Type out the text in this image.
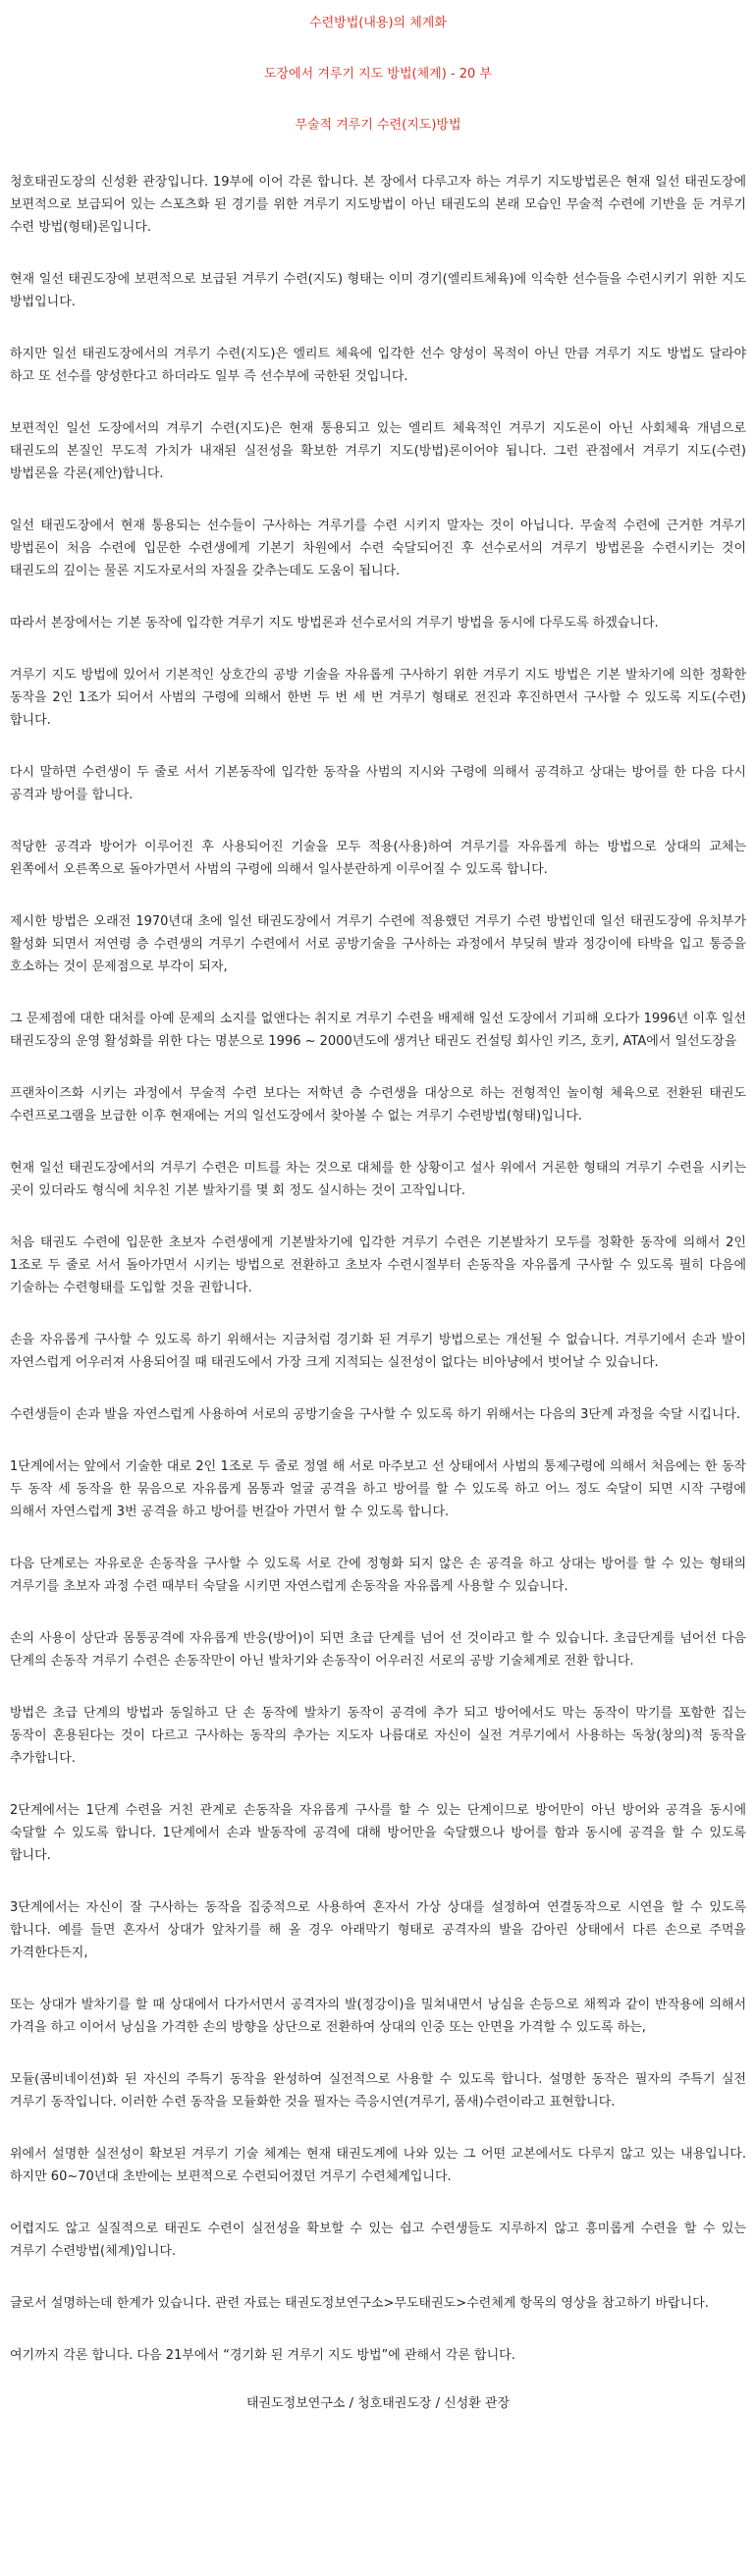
수련방법(내용)의 체계화
도장에서 겨루기 지도 방법(체계) - 20 부
무술적 겨루기 수련(지도)방법

청호태권도장의 신성환 관장입니다. 19부에 이어 각론 합니다. 본 장에서 다루고자 하는 겨루기 지도방법론은 현재 일선 태권도장에 보편적으로 보급되어 있는 스포츠화 된 경기를 위한 겨루기 지도방법이 아닌 태권도의 본래 모습인 무술적 수련에 기반을 둔 겨루기 수련 방법(형태)론입니다.

현재 일선 태권도장에 보편적으로 보급된 겨루기 수련(지도) 형태는 이미 경기(엘리트체육)에 익숙한 선수들을 수련시키기 위한 지도 방법입니다.

하지만 일선 태권도장에서의 겨루기 수련(지도)은 엘리트 체육에 입각한 선수 양성이 목적이 아닌 만큼 겨루기 지도 방법도 달라야 하고 또 선수를 양성한다고 하더라도 일부 즉 선수부에 국한된 것입니다.

보편적인 일선 도장에서의 겨루기 수련(지도)은 현재 통용되고 있는 엘리트 체육적인 겨루기 지도론이 아닌 사회체육 개념으로 태권도의 본질인 무도적 가치가 내재된 실전성을 확보한 겨루기 지도(방법)론이어야 됩니다. 그런 관점에서 겨루기 지도(수련)방법론을 각론(제안)합니다.

일선 태권도장에서 현재 통용되는 선수들이 구사하는 겨루기를 수련 시키지 말자는 것이 아닙니다. 무술적 수련에 근거한 겨루기 방법론이 처음 수련에 입문한 수련생에게 기본기 차원에서 수련 숙달되어진 후 선수로서의 겨루기 방법론을 수련시키는 것이 태권도의 깊이는 물론 지도자로서의 자질을 갖추는데도 도움이 됩니다.

따라서 본장에서는 기본 동작에 입각한 겨루기 지도 방법론과 선수로서의 겨루기 방법을 동시에 다루도록 하겠습니다.

겨루기 지도 방법에 있어서 기본적인 상호간의 공방 기술을 자유롭게 구사하기 위한 겨루기 지도 방법은 기본 발차기에 의한 정확한 동작을 2인 1조가 되어서 사범의 구령에 의해서 한번 두 번 세 번 겨루기 형태로 전진과 후진하면서 구사할 수 있도록 지도(수련) 합니다.

다시 말하면 수련생이 두 줄로 서서 기본동작에 입각한 동작을 사범의 지시와 구령에 의해서 공격하고 상대는 방어를 한 다음 다시 공격과 방어를 합니다.

적당한 공격과 방어가 이루어진 후 사용되어진 기술을 모두 적용(사용)하여 겨루기를 자유롭게 하는 방법으로 상대의 교체는 왼쪽에서 오른쪽으로 돌아가면서 사범의 구령에 의해서 일사분란하게 이루어질 수 있도록 합니다.

제시한 방법은 오래전 1970년대 초에 일선 태권도장에서 겨루기 수련에 적용했던 겨루기 수련 방법인데 일선 태권도장에 유치부가 활성화 되면서 저연령 층 수련생의 겨루기 수련에서 서로 공방기술을 구사하는 과정에서 부딪혀 발과 정강이에 타박을 입고 통증을 호소하는 것이 문제점으로 부각이 되자,

그 문제점에 대한 대처를 아예 문제의 소지를 없앤다는 취지로 겨루기 수련을 배제해 일선 도장에서 기피해 오다가 1996년 이후 일선 태권도장의 운영 활성화를 위한 다는 명분으로 1996 ~ 2000년도에 생겨난 태권도 컨설팅 회사인 키즈, 호키, ATA에서 일선도장을

프랜차이즈화 시키는 과정에서 무술적 수련 보다는 저학년 층 수련생을 대상으로 하는 전형적인 놀이형 체육으로 전환된 태권도 수련프로그램을 보급한 이후 현재에는 거의 일선도장에서 찾아볼 수 없는 겨루기 수련방법(형태)입니다.

현재 일선 태권도장에서의 겨루기 수련은 미트를 차는 것으로 대체를 한 상황이고 설사 위에서 거론한 형태의 겨루기 수련을 시키는 곳이 있더라도 형식에 치우친 기본 발차기를 몇 회 정도 실시하는 것이 고작입니다.

처음 태권도 수련에 입문한 초보자 수련생에게 기본발차기에 입각한 겨루기 수련은 기본발차기 모두를 정확한 동작에 의해서 2인 1조로 두 줄로 서서 돌아가면서 시키는 방법으로 전환하고 초보자 수련시절부터 손동작을 자유롭게 구사할 수 있도록 필히 다음에 기술하는 수련형태를 도입할 것을 권합니다.

손을 자유롭게 구사할 수 있도록 하기 위해서는 지금처럼 경기화 된 겨루기 방법으로는 개선될 수 없습니다. 겨루기에서 손과 발이 자연스럽게 어우러져 사용되어질 때 태권도에서 가장 크게 지적되는 실전성이 없다는 비아냥에서 벗어날 수 있습니다.

수련생들이 손과 발을 자연스럽게 사용하여 서로의 공방기술을 구사할 수 있도록 하기 위해서는 다음의 3단계 과정을 숙달 시킵니다.

1단계에서는 앞에서 기술한 대로 2인 1조로 두 줄로 정열 해 서로 마주보고 선 상태에서 사범의 통제구령에 의해서 처음에는 한 동작 두 동작 세 동작을 한 묶음으로 자유롭게 몸통과 얼굴 공격을 하고 방어를 할 수 있도록 하고 어느 정도 숙달이 되면 시작 구령에 의해서 자연스럽게 3번 공격을 하고 방어를 번갈아 가면서 할 수 있도록 합니다.

다음 단계로는 자유로운 손동작을 구사할 수 있도록 서로 간에 정형화 되지 않은 손 공격을 하고 상대는 방어를 할 수 있는 형태의 겨루기를 초보자 과정 수련 때부터 숙달을 시키면 자연스럽게 손동작을 자유롭게 사용할 수 있습니다.

손의 사용이 상단과 몸통공격에 자유롭게 반응(방어)이 되면 초급 단계를 넘어 선 것이라고 할 수 있습니다. 초급단계를 넘어선 다음 단계의 손동작 겨루기 수련은 손동작만이 아닌 발차기와 손동작이 어우러진 서로의 공방 기술체계로 전환 합니다.

방법은 초급 단계의 방법과 동일하고 단 손 동작에 발차기 동작이 공격에 추가 되고 방어에서도 막는 동작이 막기를 포함한 집는 동작이 혼용된다는 것이 다르고 구사하는 동작의 추가는 지도자 나름대로 자신이 실전 겨루기에서 사용하는 독창(창의)적 동작을 추가합니다.

2단계에서는 1단계 수련을 거친 관계로 손동작을 자유롭게 구사를 할 수 있는 단계이므로 방어만이 아닌 방어와 공격을 동시에 숙달할 수 있도록 합니다. 1단계에서 손과 발동작에 공격에 대해 방어만을 숙달했으나 방어를 함과 동시에 공격을 할 수 있도록 합니다.

3단계에서는 자신이 잘 구사하는 동작을 집중적으로 사용하여 혼자서 가상 상대를 설정하여 연결동작으로 시연을 할 수 있도록 합니다. 예를 들면 혼자서 상대가 앞차기를 해 올 경우 아래막기 형태로 공격자의 발을 감아린 상태에서 다른 손으로 주먹을 가격한다든지,

또는 상대가 발차기를 할 때 상대에서 다가서면서 공격자의 발(정강이)을 밀쳐내면서 낭심을 손등으로 채찍과 같이 반작용에 의해서 가격을 하고 이어서 낭심을 가격한 손의 방향을 상단으로 전환하여 상대의 인중 또는 안면을 가격할 수 있도록 하는,

모듈(콤비네이션)화 된 자신의 주특기 동작을 완성하여 실전적으로 사용할 수 있도록 합니다. 설명한 동작은 필자의 주특기 실전 겨루기 동작입니다. 이러한 수련 동작을 모듈화한 것을 필자는 즉응시연(겨루기, 품새)수련이라고 표현합니다.

위에서 설명한 실전성이 확보된 겨루기 기술 체계는 현재 태권도계에 나와 있는 그 어떤 교본에서도 다루지 않고 있는 내용입니다. 하지만 60~70년대 초반에는 보편적으로 수련되어졌던 겨루기 수련체계입니다.

어렵지도 않고 실질적으로 태권도 수련이 실전성을 확보할 수 있는 쉽고 수련생들도 지루하지 않고 흥미롭게 수련을 할 수 있는 겨루기 수련방법(체계)입니다.

글로서 설명하는데 한계가 있습니다. 관련 자료는 태권도정보연구소>무도태권도>수련체계 항목의 영상을 참고하기 바랍니다.

여기까지 각론 합니다. 다음 21부에서 “경기화 된 겨루기 지도 방법”에 관해서 각론 합니다.

태권도정보연구소 / 청호태권도장 / 신성환 관장
